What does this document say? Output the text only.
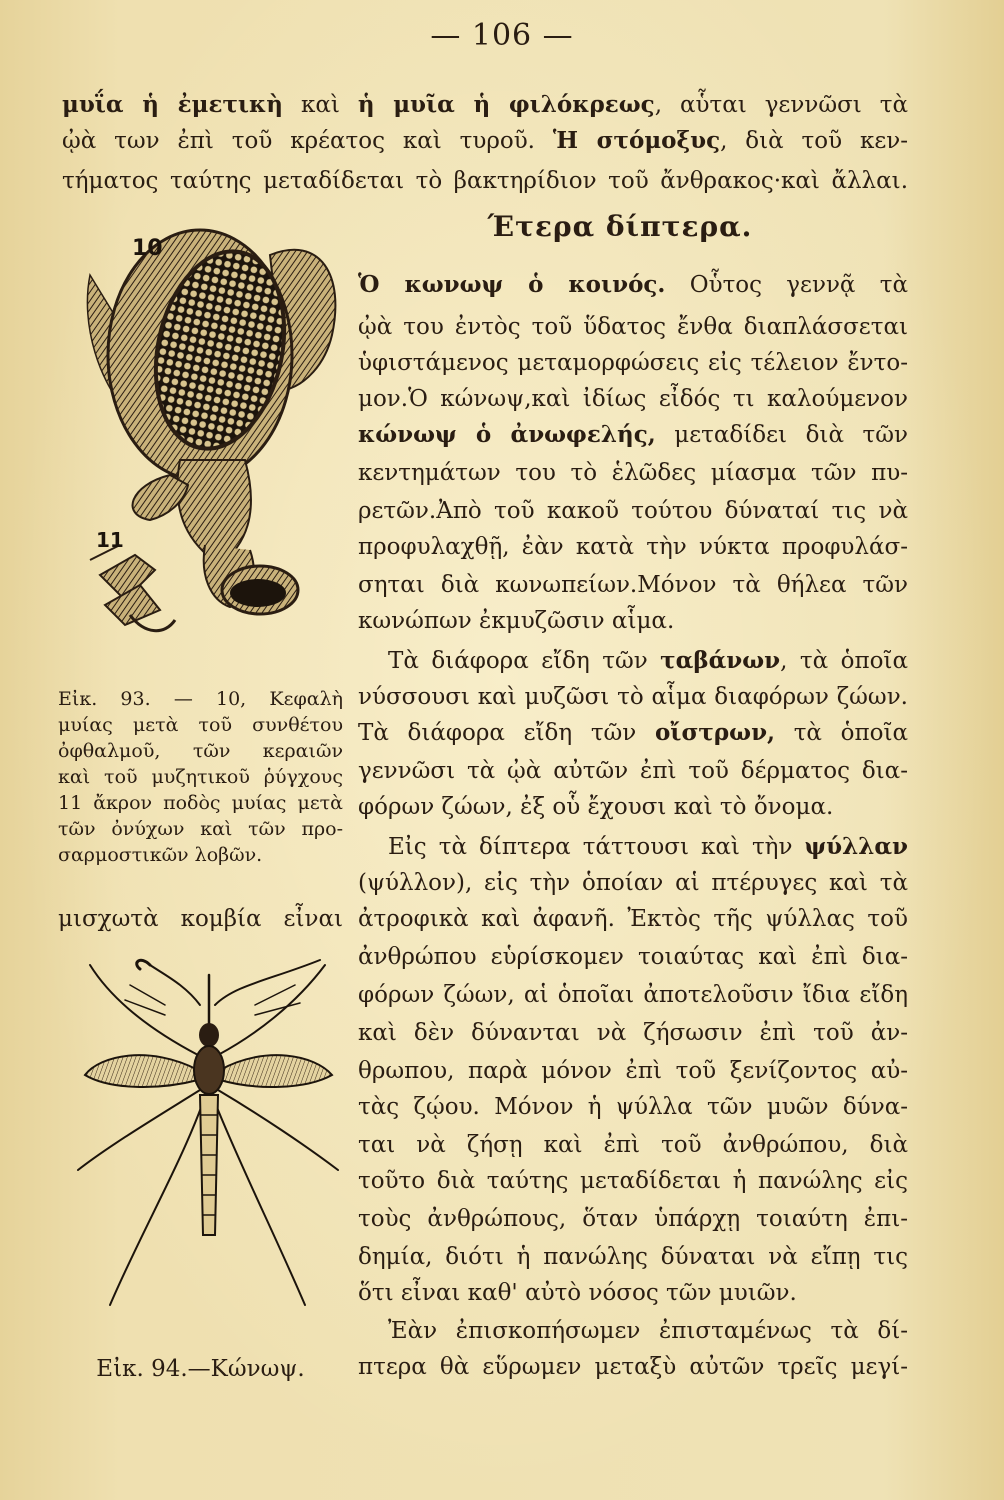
— 106 —
μυΐα ἡ ἐμετικὴ καὶ ἡ μυῖα ἡ φιλόκρεως, αὗται γεννῶσι τὰ
ᾠὰ των ἐπὶ τοῦ κρέατος καὶ τυροῦ. Ἡ στόμοξυς, διὰ τοῦ κεν-
τήματος ταύτης μεταδίδεται τὸ βακτηρίδιον τοῦ ἄνθρακος·καὶ ἄλλαι.
10
11
Έτερα δίπτερα.
Ὁ κωνωψ ὁ κοινός. Οὗτος γεννᾷ τὰ
ᾠὰ του ἐντὸς τοῦ ὕδατος ἔνθα διαπλάσσεται
ὑφιστάμενος μεταμορφώσεις εἰς τέλειον ἔντο-
μον.Ὁ κώνωψ,καὶ ἰδίως εἶδός τι καλούμενον
κώνωψ ὁ ἀνωφελής, μεταδίδει διὰ τῶν
κεντημάτων του τὸ ἑλῶδες μίασμα τῶν πυ-
ρετῶν.Ἀπὸ τοῦ κακοῦ τούτου δύναταί τις νὰ
προφυλαχθῇ, ἐὰν κατὰ τὴν νύκτα προφυλάσ-
σηται διὰ κωνωπείων.Μόνον τὰ θήλεα τῶν
κωνώπων ἐκμυζῶσιν αἷμα.
Τὰ διάφορα εἴδη τῶν ταβάνων, τὰ ὁποῖα
νύσσουσι καὶ μυζῶσι τὸ αἷμα διαφόρων ζώων.
Τὰ διάφορα εἴδη τῶν οἴστρων, τὰ ὁποῖα
γεννῶσι τὰ ᾠὰ αὐτῶν ἐπὶ τοῦ δέρματος δια-
φόρων ζώων, ἐξ οὗ ἔχουσι καὶ τὸ ὄνομα.
Εἰς τὰ δίπτερα τάττουσι καὶ τὴν ψύλλαν
(ψύλλον), εἰς τὴν ὁποίαν αἱ πτέρυγες καὶ τὰ
ἀτροφικὰ καὶ ἀφανῆ. Ἐκτὸς τῆς ψύλλας τοῦ
ἀνθρώπου εὑρίσκομεν τοιαύτας καὶ ἐπὶ δια-
φόρων ζώων, αἱ ὁποῖαι ἀποτελοῦσιν ἴδια εἴδη
καὶ δὲν δύνανται νὰ ζήσωσιν ἐπὶ τοῦ ἀν-
θρωπου, παρὰ μόνον ἐπὶ τοῦ ξενίζοντος αὐ-
τὰς ζῴου. Μόνον ἡ ψύλλα τῶν μυῶν δύνα-
ται νὰ ζήσῃ καὶ ἐπὶ τοῦ ἀνθρώπου, διὰ
τοῦτο διὰ ταύτης μεταδίδεται ἡ πανώλης εἰς
τοὺς ἀνθρώπους, ὅταν ὑπάρχῃ τοιαύτη ἐπι-
δημία, διότι ἡ πανώλης δύναται νὰ εἴπῃ τις
ὅτι εἶναι καθ' αὐτὸ νόσος τῶν μυιῶν.
Ἐὰν ἐπισκοπήσωμεν ἐπισταμένως τὰ δί-
πτερα θὰ εὕρωμεν μεταξὺ αὐτῶν τρεῖς μεγί-
Εἰκ. 93. — 10, Κεφαλὴ
μυίας μετὰ τοῦ συνθέτου
ὀφθαλμοῦ, τῶν κεραιῶν
καὶ τοῦ μυζητικοῦ ῥύγχους
11 ἄκρον ποδὸς μυίας μετὰ
τῶν ὀνύχων καὶ τῶν προ-
σαρμοστικῶν λοβῶν.
μισχωτὰ κομβία εἶναι
Εἰκ. 94.—Κώνωψ.
